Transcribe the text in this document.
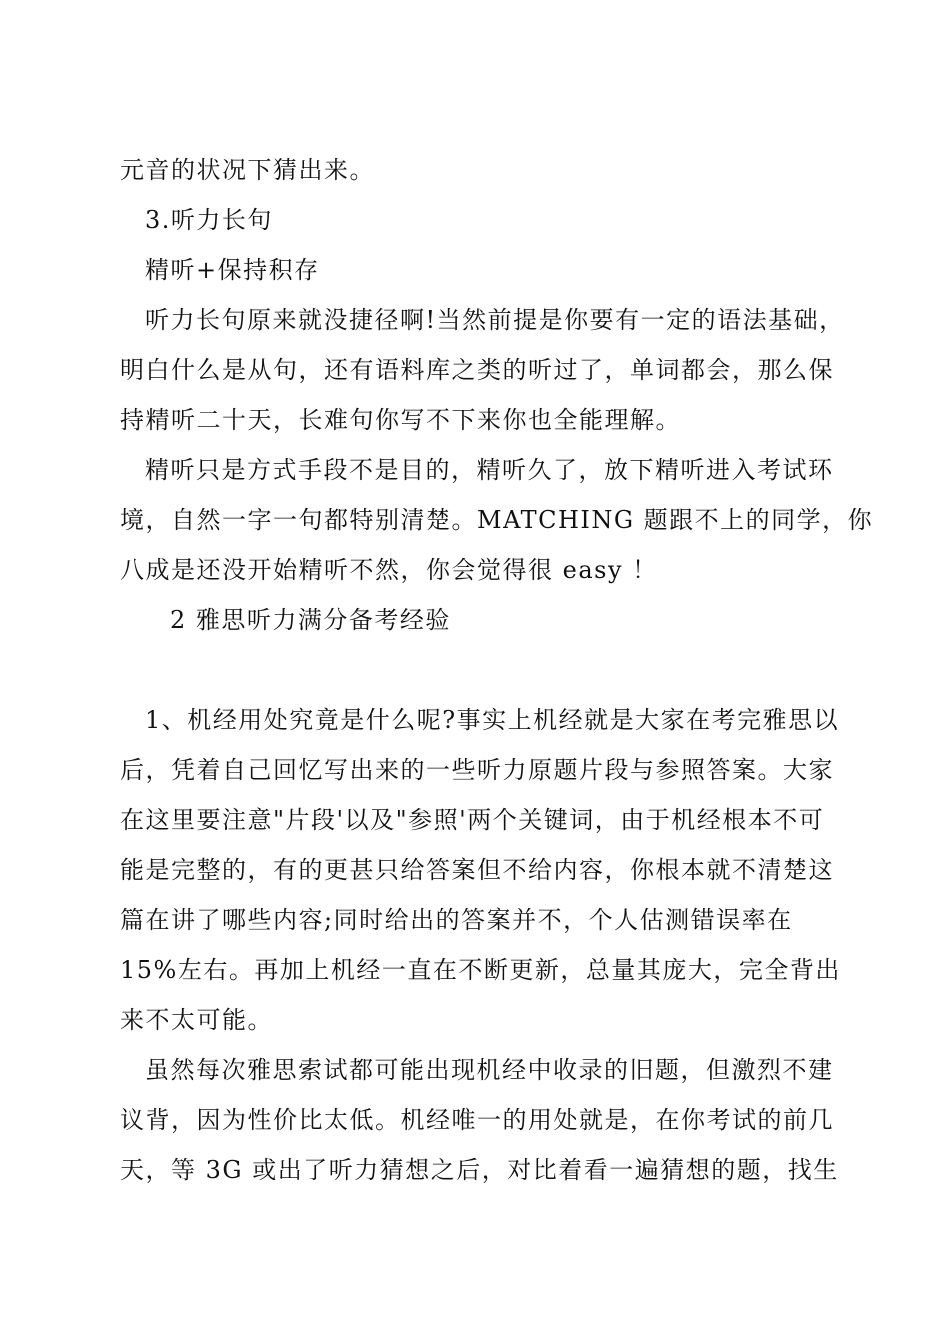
元音的状况下猜出来。
3.听力长句
精听+保持积存
听力长句原来就没捷径啊!当然前提是你要有一定的语法基础，
明白什么是从句，还有语料库之类的听过了，单词都会，那么保
持精听二十天，长难句你写不下来你也全能理解。
精听只是方式手段不是目的，精听久了，放下精听进入考试环
境，自然一字一句都特别清楚。MATCHING 题跟不上的同学，你
八成是还没开始精听不然，你会觉得很 easy ！
2 雅思听力满分备考经验
1、机经用处究竟是什么呢?事实上机经就是大家在考完雅思以
后，凭着自己回忆写出来的一些听力原题片段与参照答案。大家
在这里要注意"片段'以及"参照'两个关键词，由于机经根本不可
能是完整的，有的更甚只给答案但不给内容，你根本就不清楚这
篇在讲了哪些内容;同时给出的答案并不，个人估测错误率在
15%左右。再加上机经一直在不断更新，总量其庞大，完全背出
来不太可能。
虽然每次雅思索试都可能出现机经中收录的旧题，但激烈不建
议背，因为性价比太低。机经唯一的用处就是，在你考试的前几
天，等 3G 或出了听力猜想之后，对比着看一遍猜想的题，找生
